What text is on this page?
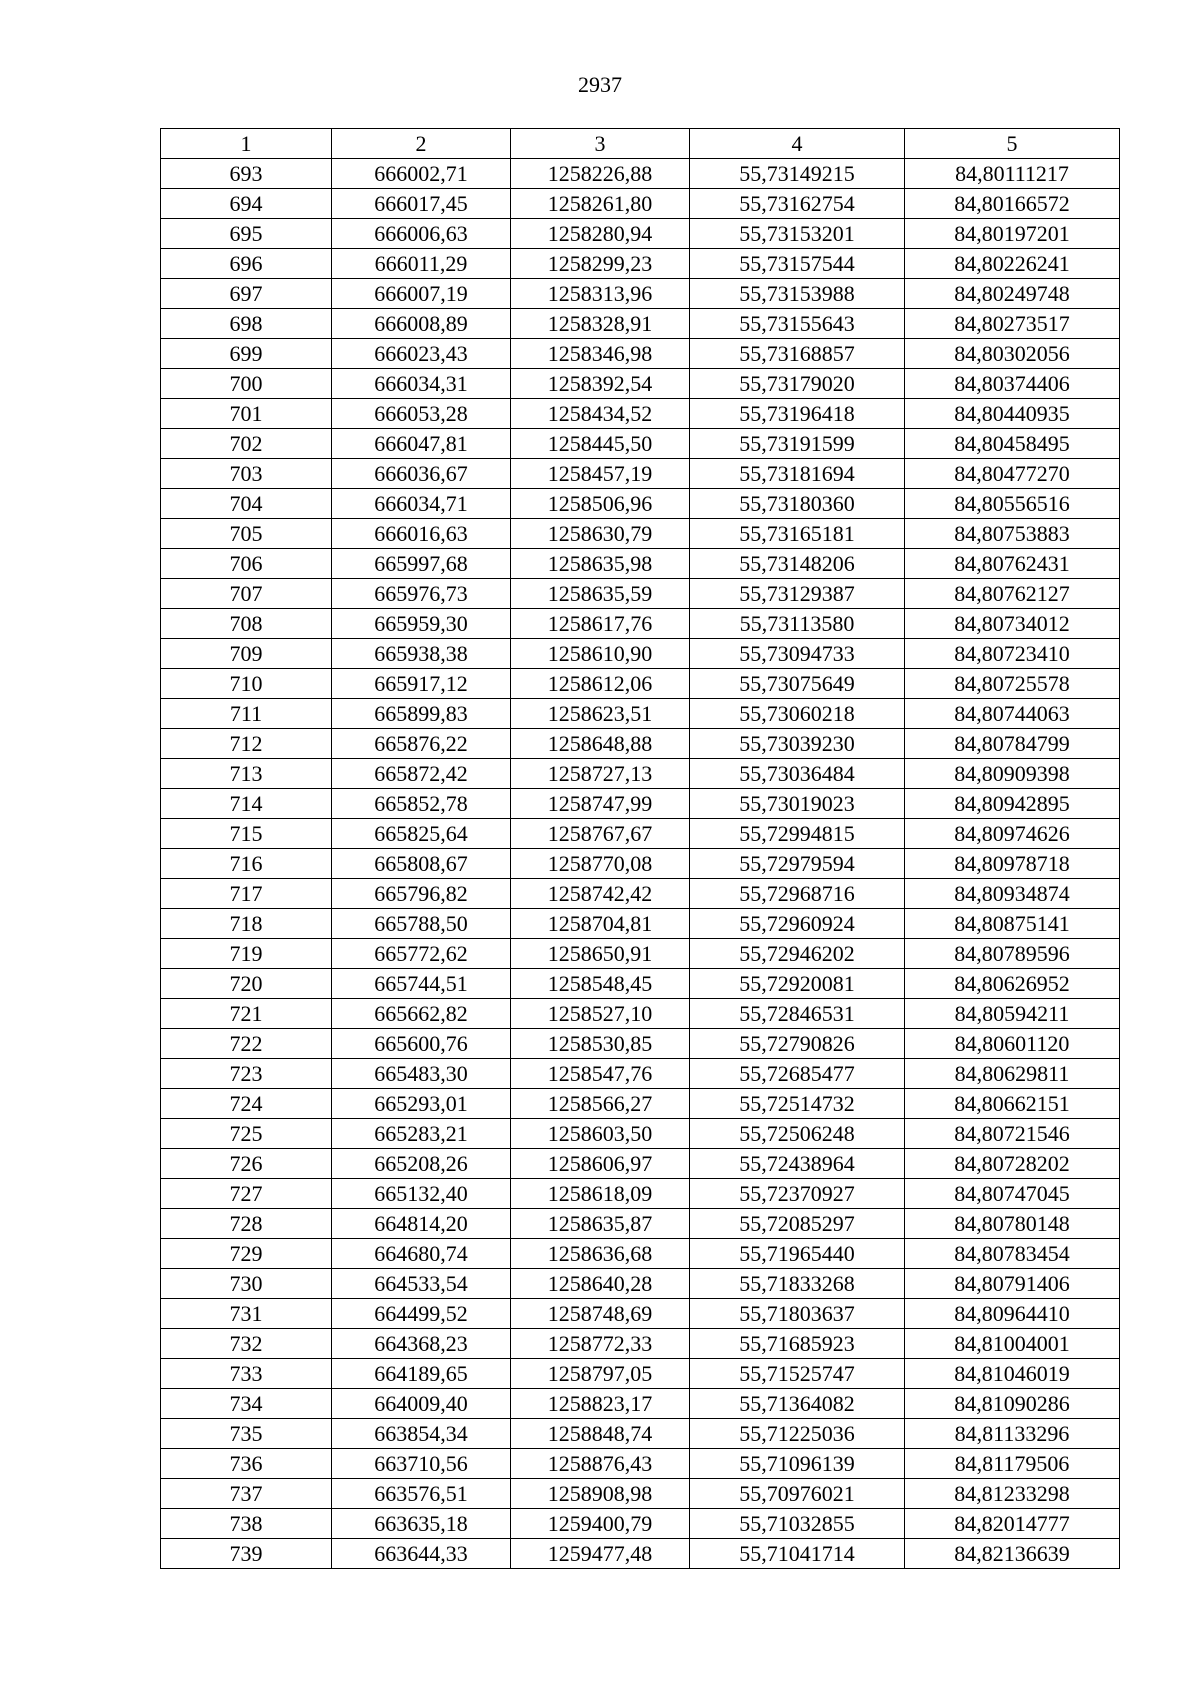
2937
1	2	3	4	5
693	666002,71	1258226,88	55,73149215	84,80111217
694	666017,45	1258261,80	55,73162754	84,80166572
695	666006,63	1258280,94	55,73153201	84,80197201
696	666011,29	1258299,23	55,73157544	84,80226241
697	666007,19	1258313,96	55,73153988	84,80249748
698	666008,89	1258328,91	55,73155643	84,80273517
699	666023,43	1258346,98	55,73168857	84,80302056
700	666034,31	1258392,54	55,73179020	84,80374406
701	666053,28	1258434,52	55,73196418	84,80440935
702	666047,81	1258445,50	55,73191599	84,80458495
703	666036,67	1258457,19	55,73181694	84,80477270
704	666034,71	1258506,96	55,73180360	84,80556516
705	666016,63	1258630,79	55,73165181	84,80753883
706	665997,68	1258635,98	55,73148206	84,80762431
707	665976,73	1258635,59	55,73129387	84,80762127
708	665959,30	1258617,76	55,73113580	84,80734012
709	665938,38	1258610,90	55,73094733	84,80723410
710	665917,12	1258612,06	55,73075649	84,80725578
711	665899,83	1258623,51	55,73060218	84,80744063
712	665876,22	1258648,88	55,73039230	84,80784799
713	665872,42	1258727,13	55,73036484	84,80909398
714	665852,78	1258747,99	55,73019023	84,80942895
715	665825,64	1258767,67	55,72994815	84,80974626
716	665808,67	1258770,08	55,72979594	84,80978718
717	665796,82	1258742,42	55,72968716	84,80934874
718	665788,50	1258704,81	55,72960924	84,80875141
719	665772,62	1258650,91	55,72946202	84,80789596
720	665744,51	1258548,45	55,72920081	84,80626952
721	665662,82	1258527,10	55,72846531	84,80594211
722	665600,76	1258530,85	55,72790826	84,80601120
723	665483,30	1258547,76	55,72685477	84,80629811
724	665293,01	1258566,27	55,72514732	84,80662151
725	665283,21	1258603,50	55,72506248	84,80721546
726	665208,26	1258606,97	55,72438964	84,80728202
727	665132,40	1258618,09	55,72370927	84,80747045
728	664814,20	1258635,87	55,72085297	84,80780148
729	664680,74	1258636,68	55,71965440	84,80783454
730	664533,54	1258640,28	55,71833268	84,80791406
731	664499,52	1258748,69	55,71803637	84,80964410
732	664368,23	1258772,33	55,71685923	84,81004001
733	664189,65	1258797,05	55,71525747	84,81046019
734	664009,40	1258823,17	55,71364082	84,81090286
735	663854,34	1258848,74	55,71225036	84,81133296
736	663710,56	1258876,43	55,71096139	84,81179506
737	663576,51	1258908,98	55,70976021	84,81233298
738	663635,18	1259400,79	55,71032855	84,82014777
739	663644,33	1259477,48	55,71041714	84,82136639
